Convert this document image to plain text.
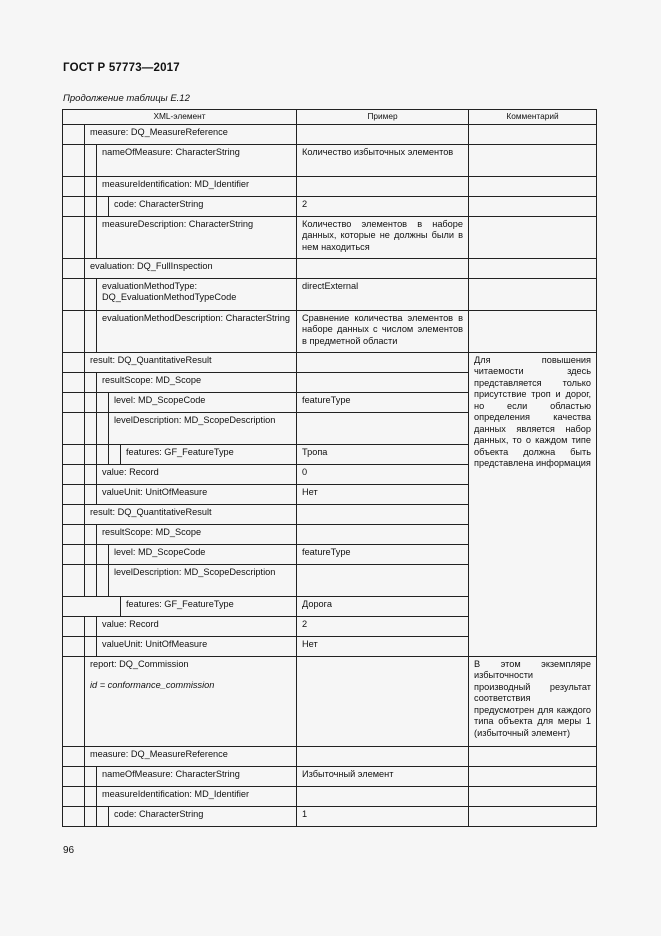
ГОСТ Р 57773—2017
Продолжение таблицы Е.12
XML-элемент					Пример	Комментарий
	measure: DQ_MeasureReference					
		nameOfMeasure: CharacterString			Количество избыточных элементов	
		measureIdentification: MD_Identifier				
			code: CharacterString		2	
		measureDescription: CharacterString			Количество элементов в наборе данных, которые не должны были в нем находиться	
	evaluation: DQ_FullInspection					
		evaluationMethodType: DQ_EvaluationMethodTypeCode			directExternal	
		evaluationMethodDescription: CharacterString			Сравнение количества элементов в наборе данных с числом элементов в предметной области	
	result: DQ_QuantitativeResult					Для повышения читаемости здесь представляется только присутствие троп и дорог, но если областью определения качества данных является набор данных, то о каждом типе объекта должна быть представлена информация
		resultScope: MD_Scope				
			level: MD_ScopeCode		featureType	
			levelDescription: MD_ScopeDescription			
				features: GF_FeatureType	Тропа	
		value: Record			0	
		valueUnit: UnitOfMeasure			Нет	
	result: DQ_QuantitativeResult					
		resultScope: MD_Scope				
			level: MD_ScopeCode		featureType	
			levelDescription: MD_ScopeDescription			
				features: GF_FeatureType	Дорога	
		value: Record			2	
		valueUnit: UnitOfMeasure			Нет	

	report: DQ_Commission
id = conformance_commission					В этом экземпляре избыточности производный результат соответствия предусмотрен для каждого типа объекта для меры 1 (избыточный элемент)
	measure: DQ_MeasureReference					
		nameOfMeasure: CharacterString			Избыточный элемент	
		measureIdentification: MD_Identifier				
			code: CharacterString		1	
96
